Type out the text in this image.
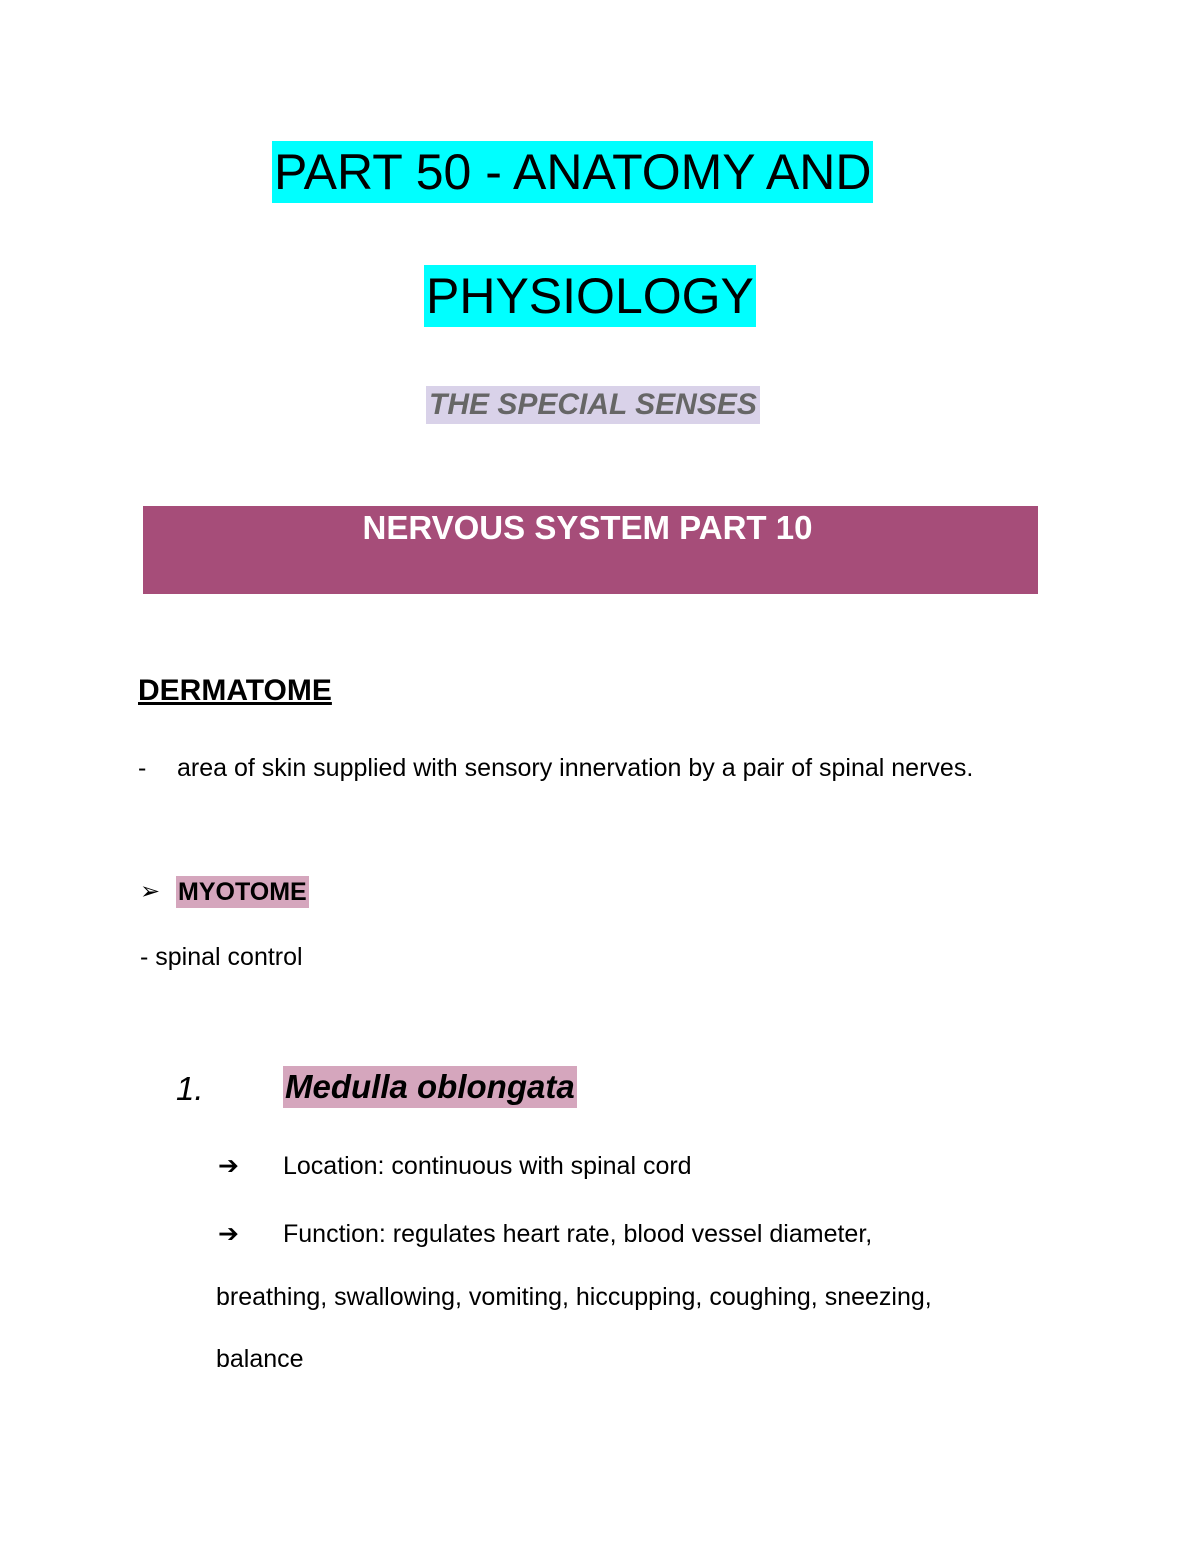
PART 50 - ANATOMY AND
PHYSIOLOGY
THE SPECIAL SENSES
NERVOUS SYSTEM PART 10
DERMATOME
- area of skin supplied with sensory innervation by a pair of spinal nerves.
➢ MYOTOME
- spinal control
1. Medulla oblongata
➔ Location: continuous with spinal cord
➔ Function: regulates heart rate, blood vessel diameter,
breathing, swallowing, vomiting, hiccupping, coughing, sneezing,
balance
